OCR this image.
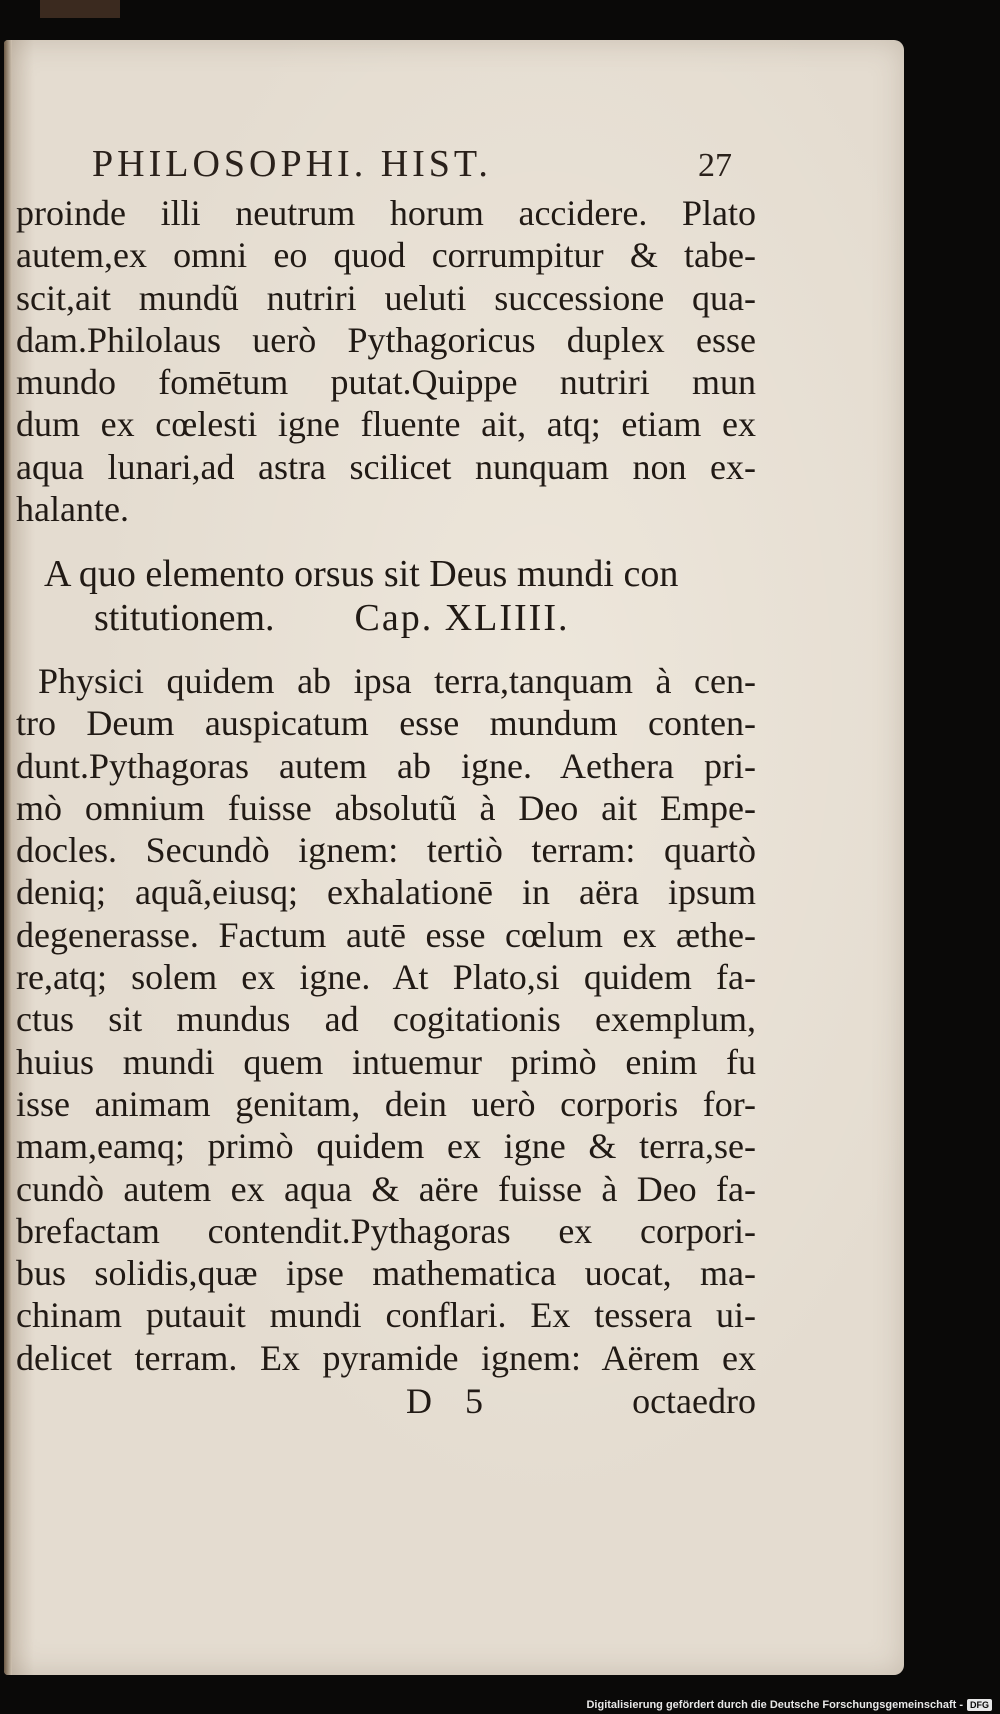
PHILOSOPHI. HIST.	27
proinde illi neutrum horum accidere. Plato
autem,ex omni eo quod corrumpitur & tabe-
scit,ait mundũ nutriri ueluti successione qua-
dam.Philolaus uerò Pythagoricus duplex esse
mundo fomētum putat.Quippe nutriri mun
dum ex cœlesti igne fluente ait, atq; etiam ex
aqua lunari,ad astra scilicet nunquam non ex-
halante.
A quo elemento orsus sit Deus mundi con
stitutionem. Cap. XLIIII.
Physici quidem ab ipsa terra,tanquam à cen-
tro Deum auspicatum esse mundum conten-
dunt.Pythagoras autem ab igne. Aethera pri-
mò omnium fuisse absolutũ à Deo ait Empe-
docles. Secundò ignem: tertiò terram: quartò
deniq; aquã,eiusq; exhalationē in aëra ipsum
degenerasse. Factum autē esse cœlum ex æthe-
re,atq; solem ex igne. At Plato,si quidem fa-
ctus sit mundus ad cogitationis exemplum,
huius mundi quem intuemur primò enim fu
isse animam genitam, dein uerò corporis for-
mam,eamq; primò quidem ex igne & terra,se-
cundò autem ex aqua & aëre fuisse à Deo fa-
brefactam contendit.Pythagoras ex corpori-
bus solidis,quæ ipse mathematica uocat, ma-
chinam putauit mundi conflari. Ex tessera ui-
delicet terram. Ex pyramide ignem: Aërem ex
D 5	octaedro
Digitalisierung gefördert durch die Deutsche Forschungsgemeinschaft - DFG
